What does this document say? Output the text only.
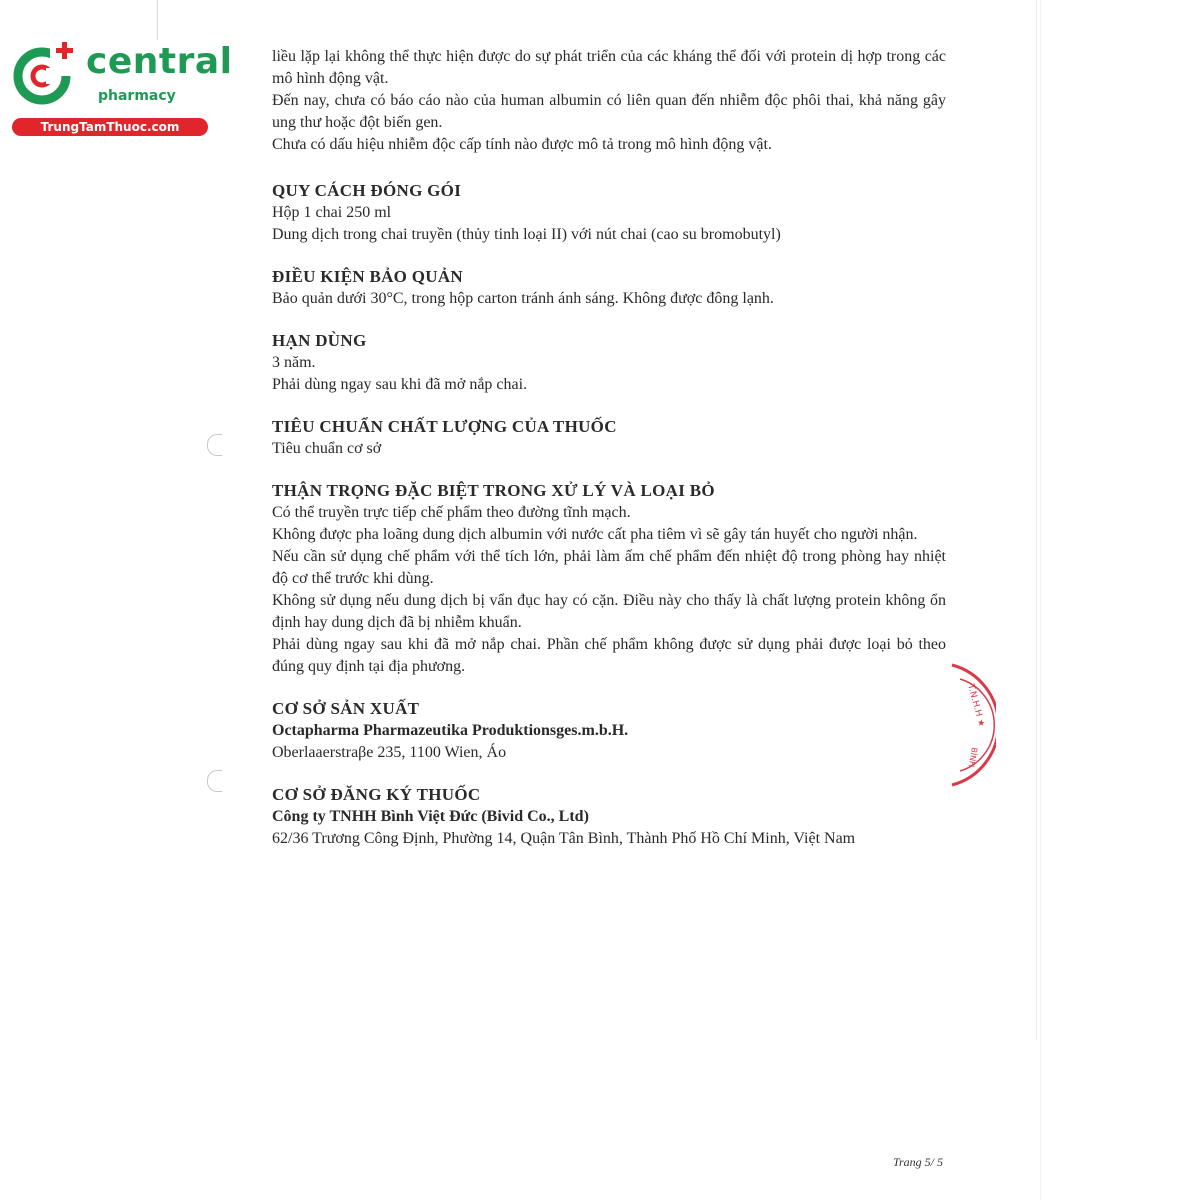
central
pharmacy
TrungTamThuoc.com

liều lặp lại không thể thực hiện được do sự phát triển của các kháng thể đối với protein dị hợp trong các mô hình động vật.

Đến nay, chưa có báo cáo nào của human albumin có liên quan đến nhiễm độc phôi thai, khả năng gây ung thư hoặc đột biến gen.

Chưa có dấu hiệu nhiễm độc cấp tính nào được mô tả trong mô hình động vật.

QUY CÁCH ĐÓNG GÓI

Hộp 1 chai 250 ml

Dung dịch trong chai truyền (thủy tinh loại II) với nút chai (cao su bromobutyl)

ĐIỀU KIỆN BẢO QUẢN

Bảo quản dưới 30°C, trong hộp carton tránh ánh sáng. Không được đông lạnh.

HẠN DÙNG

3 năm.

Phải dùng ngay sau khi đã mở nắp chai.

TIÊU CHUẨN CHẤT LƯỢNG CỦA THUỐC

Tiêu chuẩn cơ sở

THẬN TRỌNG ĐẶC BIỆT TRONG XỬ LÝ VÀ LOẠI BỎ

Có thể truyền trực tiếp chế phẩm theo đường tĩnh mạch.

Không được pha loãng dung dịch albumin với nước cất pha tiêm vì sẽ gây tán huyết cho người nhận.

Nếu cần sử dụng chế phẩm với thể tích lớn, phải làm ấm chế phẩm đến nhiệt độ trong phòng hay nhiệt độ cơ thể trước khi dùng.

Không sử dụng nếu dung dịch bị vẩn đục hay có cặn. Điều này cho thấy là chất lượng protein không ổn định hay dung dịch đã bị nhiễm khuẩn.

Phải dùng ngay sau khi đã mở nắp chai. Phần chế phẩm không được sử dụng phải được loại bỏ theo đúng quy định tại địa phương.

CƠ SỞ SẢN XUẤT

Octapharma Pharmazeutika Produktionsges.m.b.H.

Oberlaaerstraβe 235, 1100 Wien, Áo

CƠ SỞ ĐĂNG KÝ THUỐC

Công ty TNHH Bình Việt Đức (Bivid Co., Ltd)

62/36 Trương Công Định, Phường 14, Quận Tân Bình, Thành Phố Hồ Chí Minh, Việt Nam

T.N.H.H ★
BÌNH
Trang 5/ 5
